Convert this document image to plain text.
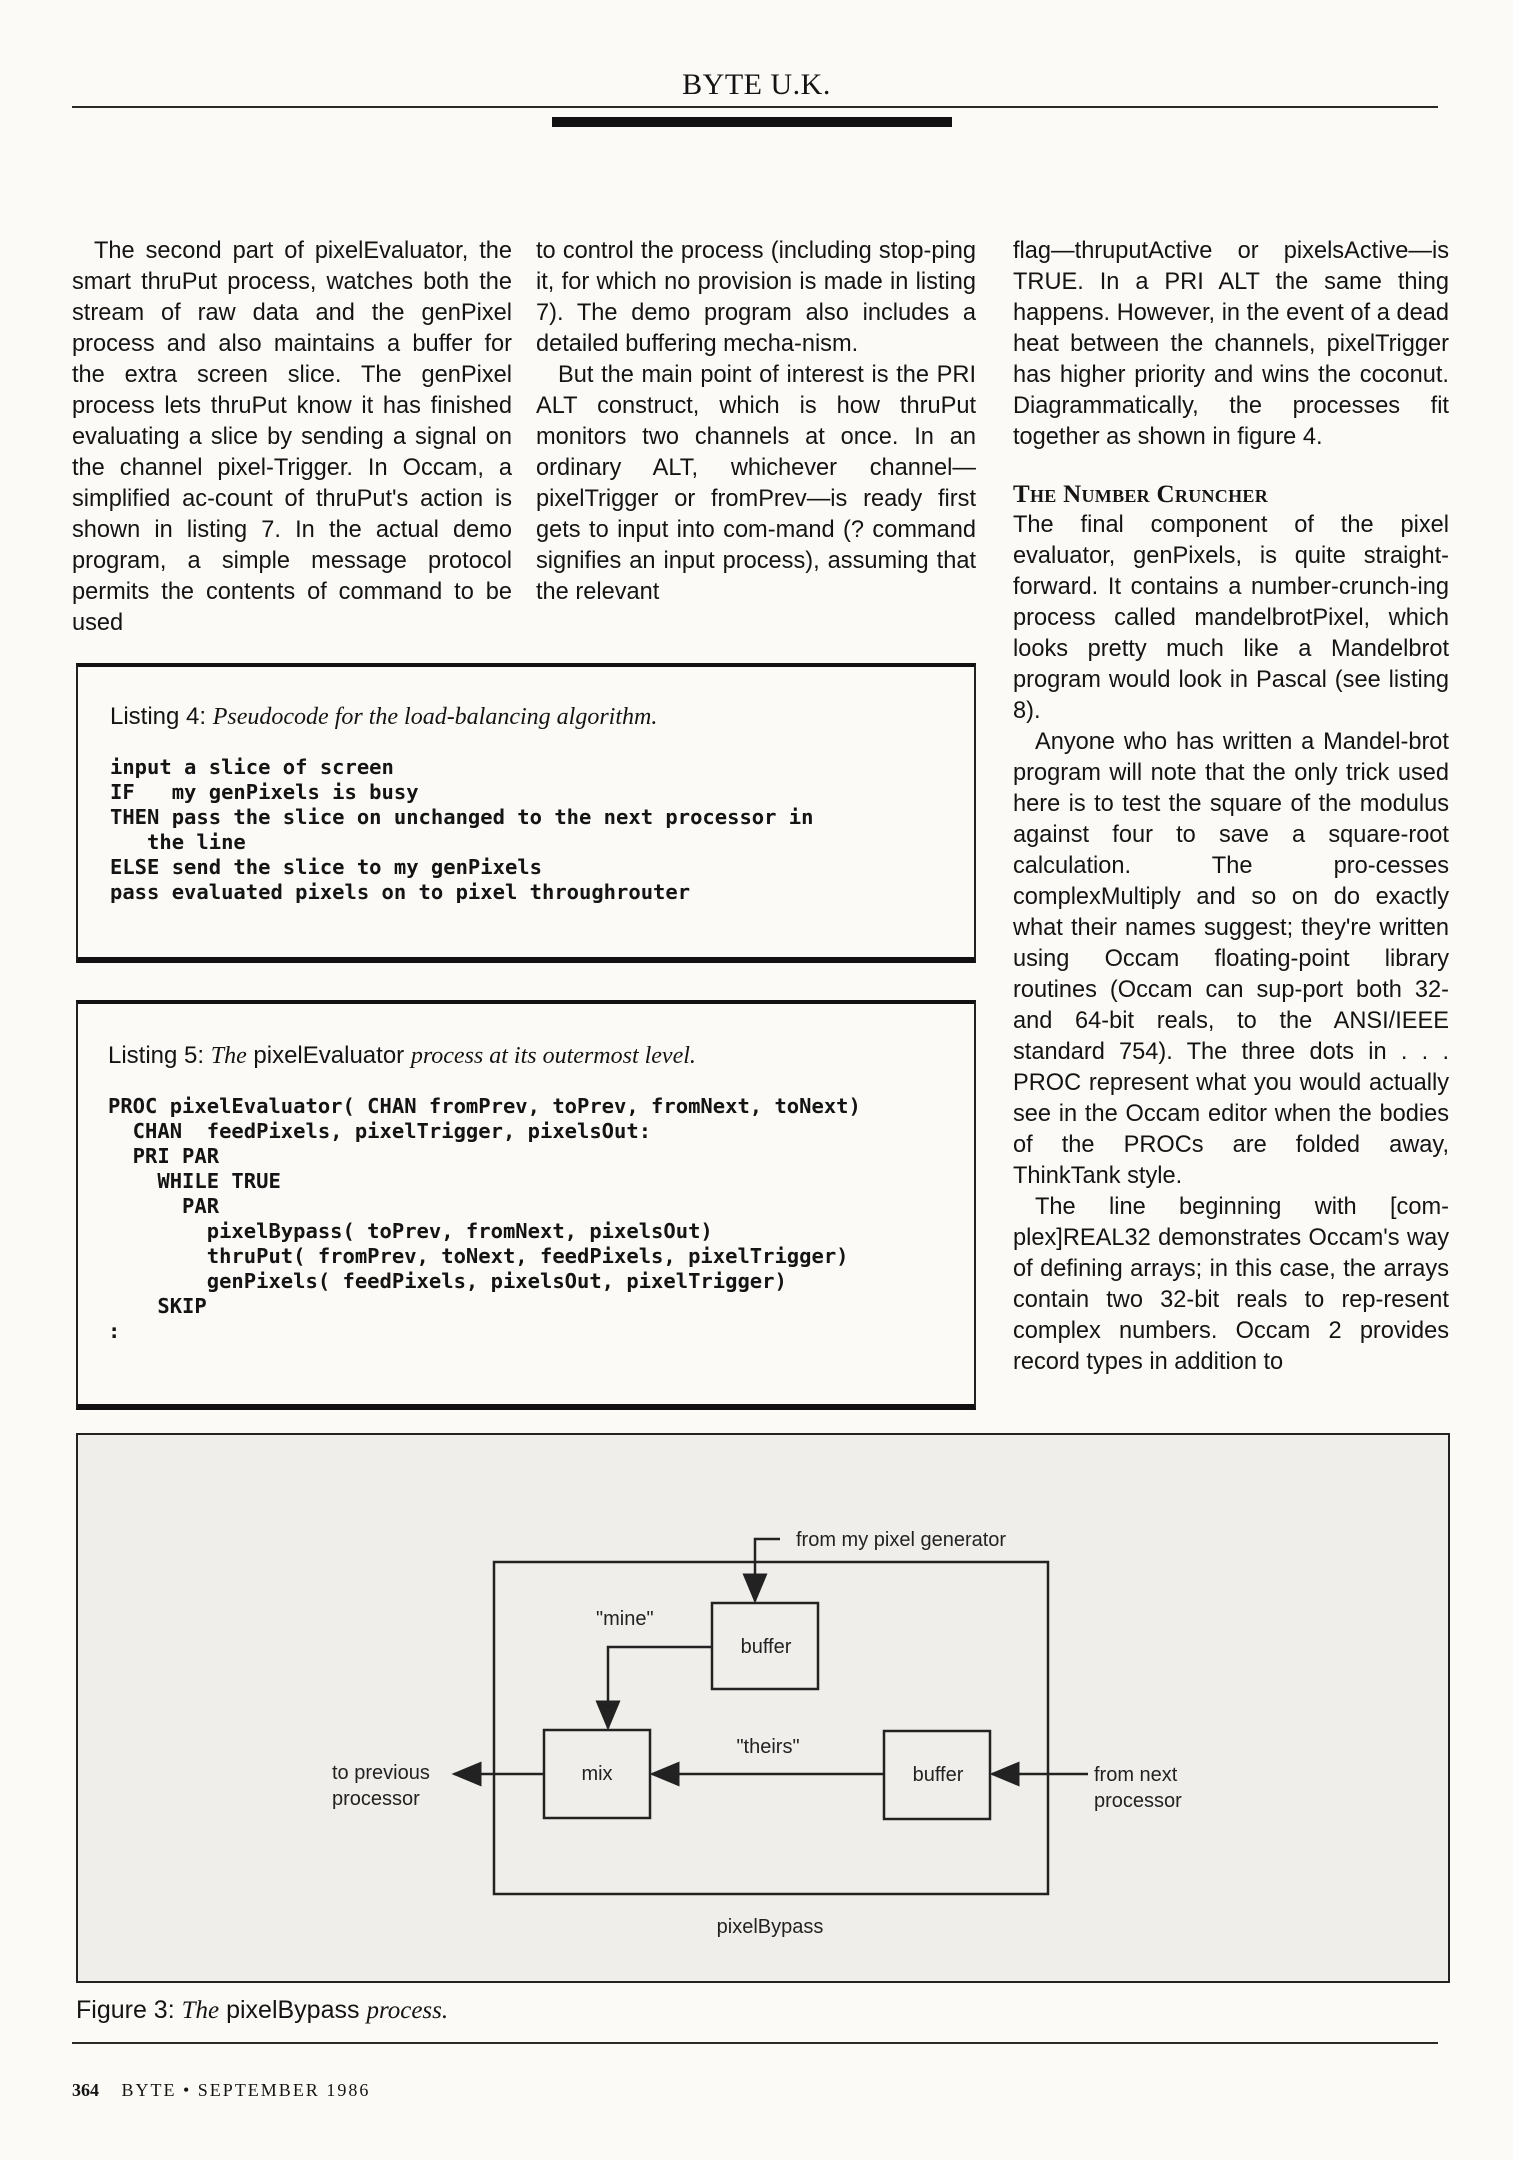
BYTE U.K.

The second part of pixelEvaluator, the smart thruPut process, watches both the stream of raw data and the genPixel process and also maintains a buffer for the extra screen slice. The genPixel process lets thruPut know it has finished evaluating a slice by sending a signal on the channel pixel-Trigger. In Occam, a simplified ac-count of thruPut's action is shown in listing 7. In the actual demo program, a simple message protocol permits the contents of command to be used

to control the process (including stop-ping it, for which no provision is made in listing 7). The demo program also includes a detailed buffering mecha-nism.

But the main point of interest is the PRI ALT construct, which is how thruPut monitors two channels at once. In an ordinary ALT, whichever channel—pixelTrigger or fromPrev—is ready first gets to input into com-mand (? command signifies an input process), assuming that the relevant

flag—thruputActive or pixelsActive—is TRUE. In a PRI ALT the same thing happens. However, in the event of a dead heat between the channels, pixelTrigger has higher priority and wins the coconut. Diagrammatically, the processes fit together as shown in figure 4.

The Number Cruncher

The final component of the pixel evaluator, genPixels, is quite straight-forward. It contains a number-crunch-ing process called mandelbrotPixel, which looks pretty much like a Mandelbrot program would look in Pascal (see listing 8).

Anyone who has written a Mandel-brot program will note that the only trick used here is to test the square of the modulus against four to save a square-root calculation. The pro-cesses complexMultiply and so on do exactly what their names suggest; they're written using Occam floating-point library routines (Occam can sup-port both 32- and 64-bit reals, to the ANSI/IEEE standard 754). The three dots in . . . PROC represent what you would actually see in the Occam editor when the bodies of the PROCs are folded away, ThinkTank style.

The line beginning with [com-plex]REAL32 demonstrates Occam's way of defining arrays; in this case, the arrays contain two 32-bit reals to rep-resent complex numbers. Occam 2 provides record types in addition to

Listing 4: Pseudocode for the load-balancing algorithm.
input a slice of screen
IF   my genPixels is busy
THEN pass the slice on unchanged to the next processor in
the line
ELSE send the slice to my genPixels
pass evaluated pixels on to pixel throughrouter
Listing 5: The pixelEvaluator process at its outermost level.
PROC pixelEvaluator( CHAN fromPrev, toPrev, fromNext, toNext)
CHAN  feedPixels, pixelTrigger, pixelsOut:
PRI PAR
WHILE TRUE
PAR
pixelBypass( toPrev, fromNext, pixelsOut)
thruPut( fromPrev, toNext, feedPixels, pixelTrigger)
genPixels( feedPixels, pixelsOut, pixelTrigger)
SKIP
:
from my pixel generator
"mine"
buffer
"theirs"
mix	buffer
to previous
processor
from next
processor
pixelBypass
Figure 3: The pixelBypass process.
364 BYTE • SEPTEMBER 1986
